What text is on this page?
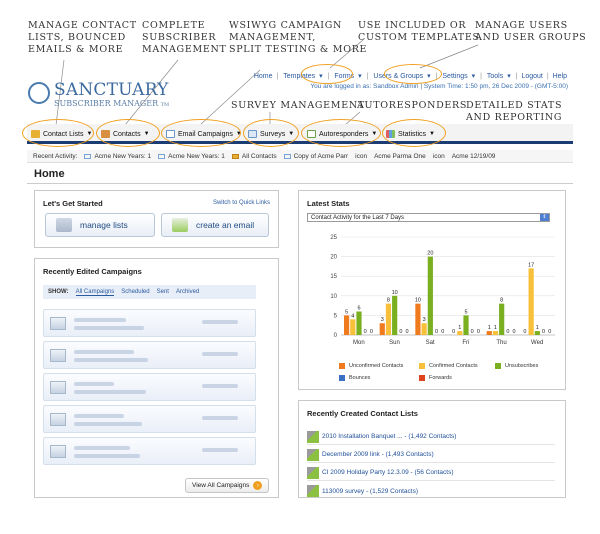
MANAGE CONTACT
LISTS, BOUNCED
EMAILS & MORE
COMPLETE
SUBSCRIBER
MANAGEMENT
WSIWYG CAMPAIGN
MANAGEMENT,
SPLIT TESTING & MORE
USE INCLUDED OR
CUSTOM TEMPLATES
MANAGE USERS
AND USER GROUPS
SURVEY MANAGEMENT
AUTORESPONDERS
DETAILED STATS
AND REPORTING
SANCTUARY
SUBSCRIBER MANAGER TM
Home | Templates ▾ | Forms ▾ | Users & Groups ▾ | Settings ▾ | Tools ▾ | Logout | Help
You are logged in as: Sandbox Admin | System Time: 1:50 pm, 26 Dec 2009 - (GMT-5:00)
Contact Lists ▼	Contacts ▼	Email Campaigns ▼	Surveys ▼	Autoresponders ▼	Statistics ▼
Recent Activity:	Acme New Years: 1	Acme New Years: 1	All Contacts	Copy of Acme Parr icon Acme Parma One icon Acme 12/19/09
Home
Let's Get Started	Switch to Quick Links
manage lists	create an email
Recently Edited Campaigns
SHOW: All Campaigns Scheduled Sent Archived
View All Campaigns	›
Latest Stats
Contact Activity for the Last 7 Days	⇕
0
5
10
15
20
25
5
4
6
0 0
Mon
3
8
10
0 0
Sun
10
3
20
0 0
Sat
0
1
5
0 0
Fri
1 1
8
0 0
Thu
0
17
1
0 0
Wed
Unconfirmed Contacts	Confirmed Contacts	Unsubscribes
Bounces	Forwards
Recently Created Contact Lists
2010 Installation Banquet ... - (1,492 Contacts)
December 2009 link - (1,493 Contacts)
CI 2009 Holiday Party 12.3.09 - (56 Contacts)
113009 survey - (1,529 Contacts)
